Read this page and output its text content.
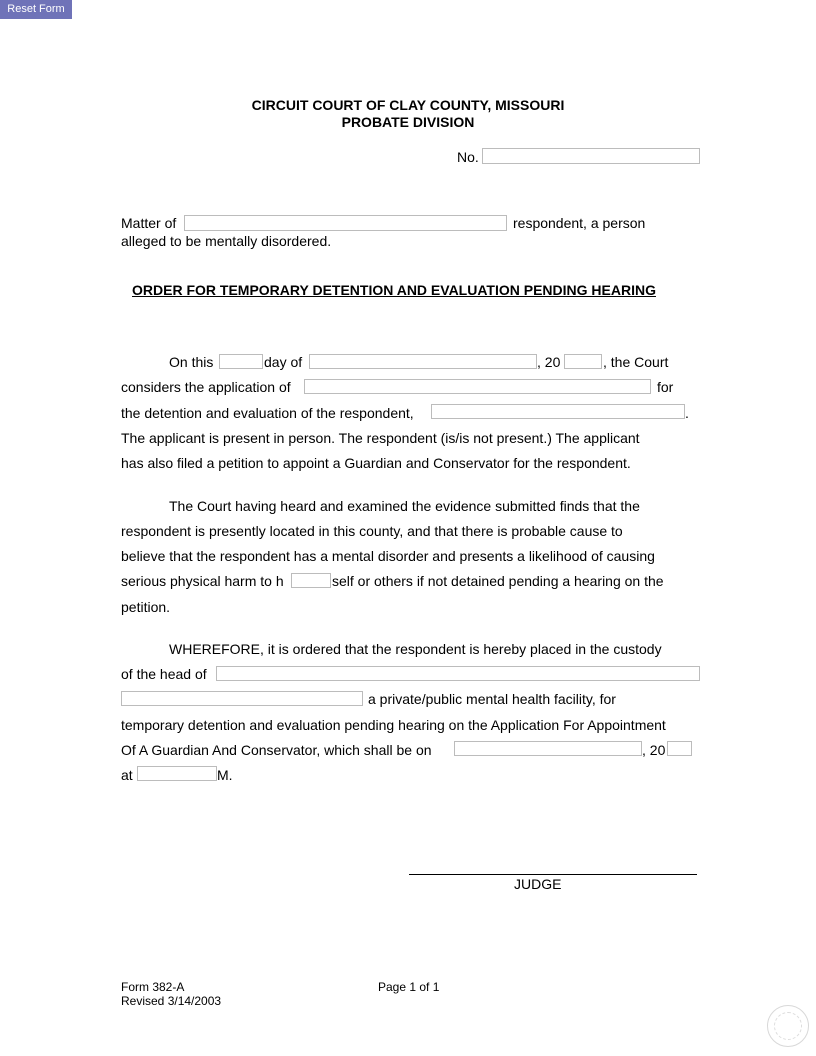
Reset Form
CIRCUIT COURT OF CLAY COUNTY, MISSOURI
PROBATE DIVISION
No.
Matter of	respondent, a person
alleged to be mentally disordered.
ORDER FOR TEMPORARY DETENTION AND EVALUATION PENDING HEARING
On this	day of	, 20	, the Court
considers the application of	for
the detention and evaluation of the respondent,	.
The applicant is present in person. The respondent (is/is not present.) The applicant
has also filed a petition to appoint a Guardian and Conservator for the respondent.
The Court having heard and examined the evidence submitted finds that the
respondent is presently located in this county, and that there is probable cause to
believe that the respondent has a mental disorder and presents a likelihood of causing
serious physical harm to h	self or others if not detained pending a hearing on the
petition.
WHEREFORE, it is ordered that the respondent is hereby placed in the custody
of the head of
a private/public mental health facility, for
temporary detention and evaluation pending hearing on the Application For Appointment
Of A Guardian And Conservator, which shall be on	, 20
at	M.
JUDGE
Form 382-A
Revised 3/14/2003
Page 1 of 1
